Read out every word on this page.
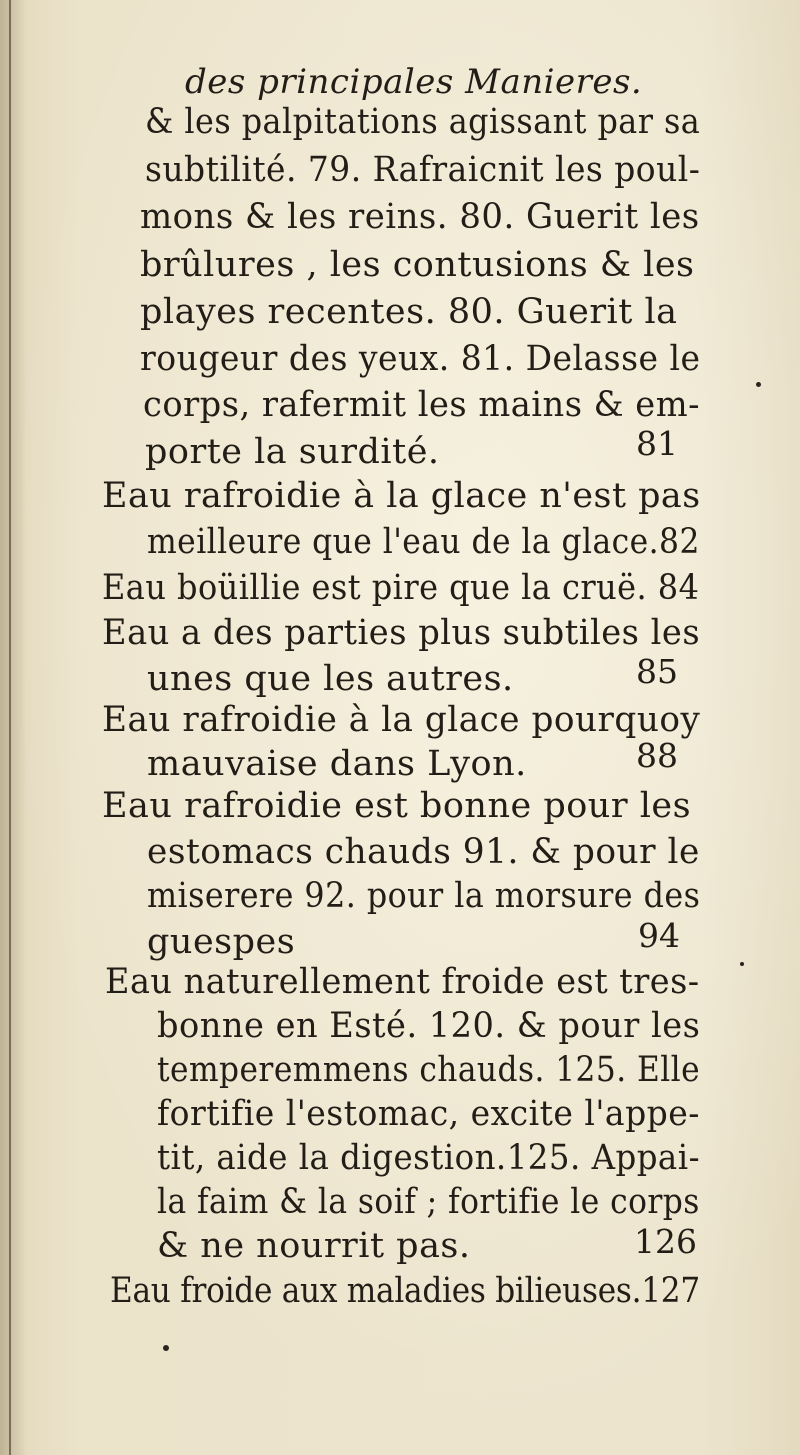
des principales Manieres.
& les palpitations agissant par sa
subtilité. 79. Rafraicnit les poul-
mons & les reins. 80. Guerit les
brûlures , les contusions & les
playes recentes. 80. Guerit la
rougeur des yeux. 81. Delasse le
corps, rafermit les mains & em-
porte la surdité.	81
Eau rafroidie à la glace n'est pas
meilleure que l'eau de la glace.82
Eau boüillie est pire que la cruë. 84
Eau a des parties plus subtiles les
unes que les autres.	85
Eau rafroidie à la glace pourquoy
mauvaise dans Lyon.	88
Eau rafroidie est bonne pour les
estomacs chauds 91. & pour le
miserere 92. pour la morsure des
guespes	94
Eau naturellement froide est tres-
bonne en Esté. 120. & pour les
temperemmens chauds. 125. Elle
fortifie l'estomac, excite l'appe-
tit, aide la digestion.125. Appai-
la faim & la soif ; fortifie le corps
& ne nourrit pas.	126
Eau froide aux maladies bilieuses.127
